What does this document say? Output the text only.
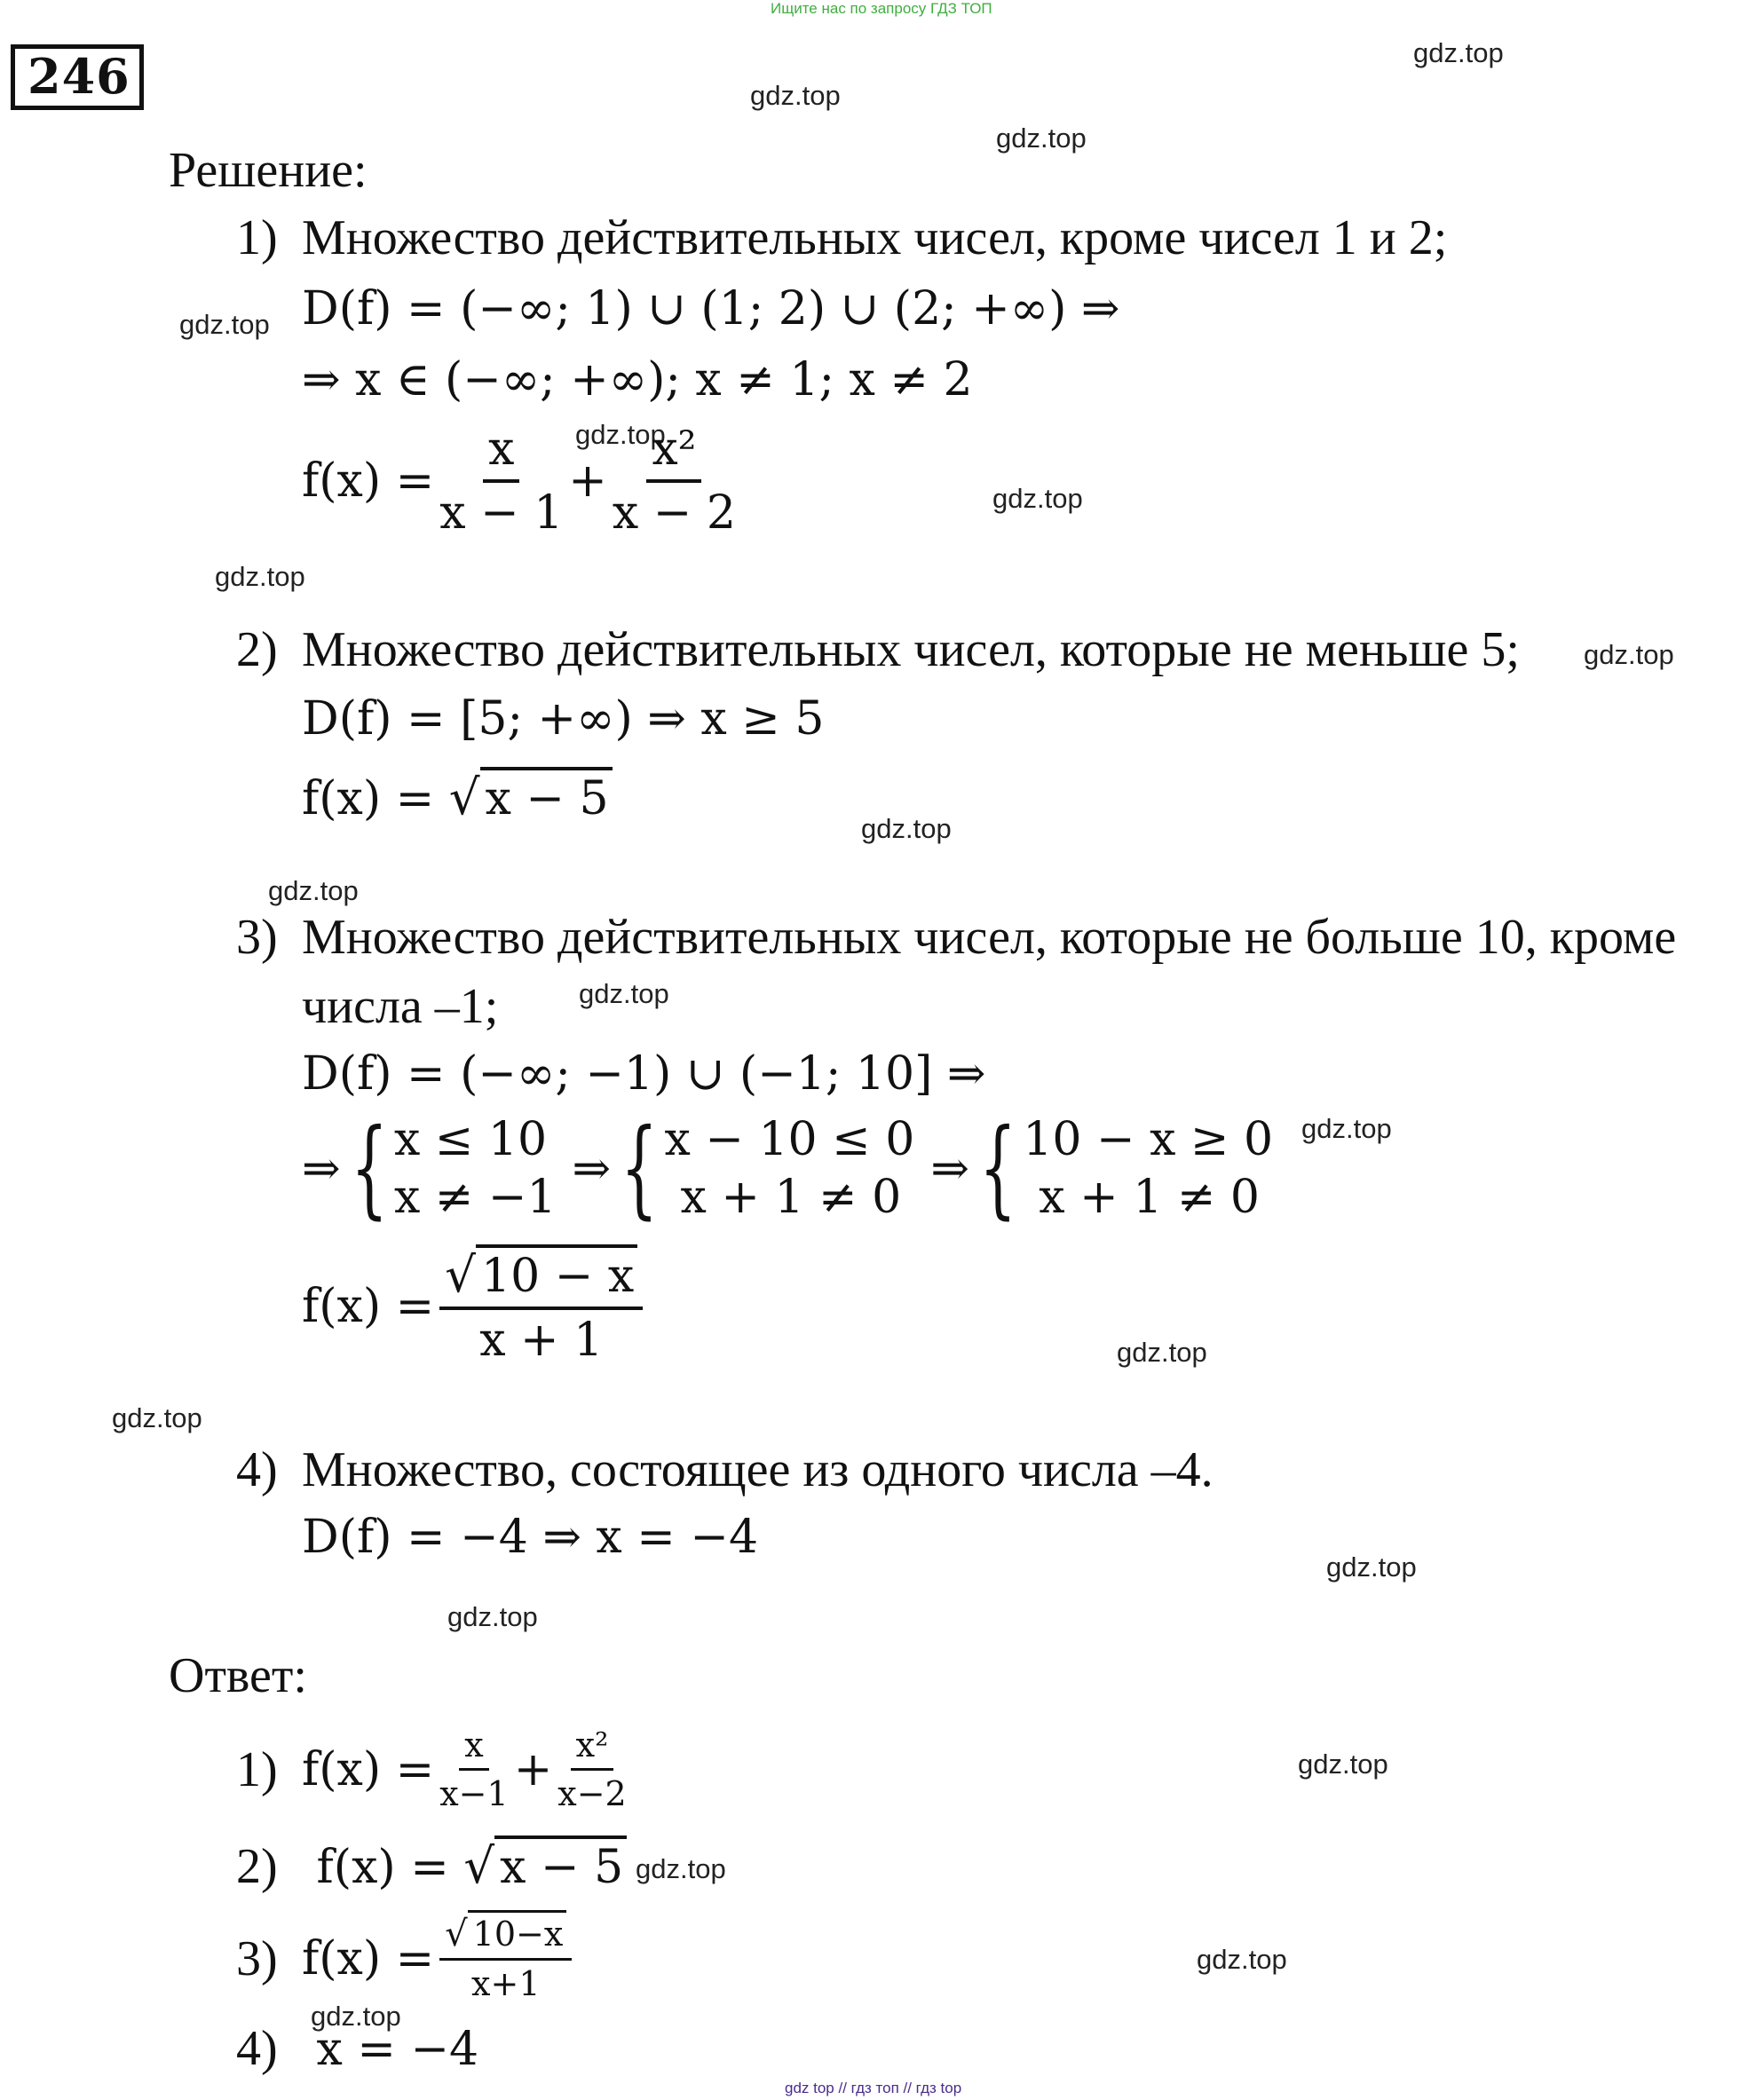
Ищите нас по запросу ГДЗ ТОП
246	gdz.top
gdz.top
gdz.top
gdz.top
gdz.top
gdz.top
gdz.top
gdz.top
gdz.top
gdz.top
gdz.top
gdz.top
gdz.top
gdz.top
gdz.top
gdz.top
gdz.top
gdz.top
gdz.top
gdz.top
Решение:
1) Множество действительных чисел, кроме чисел 1 и 2;
D(f) = (−∞; 1) ∪ (1; 2) ∪ (2; +∞) ⇒
⇒ x ∈ (−∞; +∞); x ≠ 1; x ≠ 2
$f(x) = \frac{x}{x - 1} + \frac{\text{x²}}{x - 2}$
2) Множество действительных чисел, которые не меньше 5;
D(f) = [5; +∞) ⇒ x ≥ 5
f(x) = √ x − 5
3) Множество действительных чисел, которые не больше 10, кроме
числа –1;
D(f) = (−∞; −1) ∪ (−1; 10] ⇒
⇒ { x ≤ 10
x ≠ −1
⇒ { x − 10 ≤ 0
x + 1 ≠ 0
⇒ { 10 − x ≥ 0
x + 1 ≠ 0
$f(x) = \frac{√ 10 - x}{x + 1}$
4) Множество, состоящее из одного числа –4.
D(f) = −4 ⇒ x = −4
Ответ:
1) $f(x) = \frac{x}{x-1} + \frac{\text{x²}}{x-2}$
2) f(x) = √ x − 5
3) $f(x) = \frac{√ 10-x}{x+1}$
4) x = −4
gdz top // гдз топ // гдз top
